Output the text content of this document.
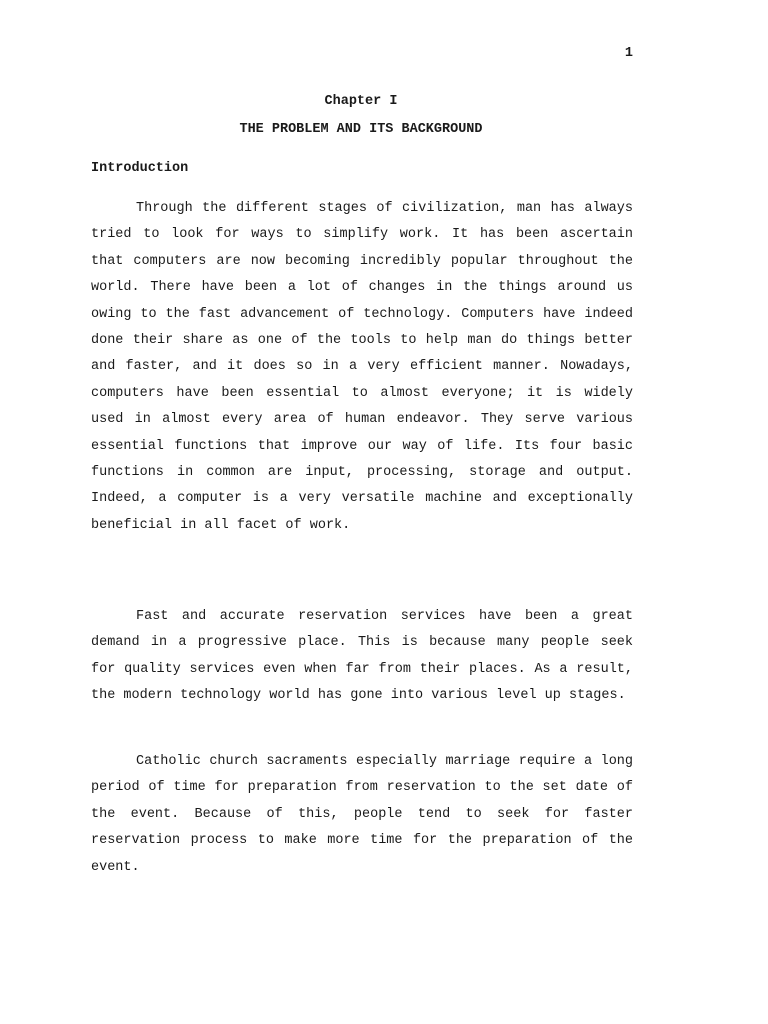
1
Chapter I
THE PROBLEM AND ITS BACKGROUND
Introduction

Through the different stages of civilization, man has always tried to look for ways to simplify work. It has been ascertain that computers are now becoming incredibly popular throughout the world. There have been a lot of changes in the things around us owing to the fast advancement of technology. Computers have indeed done their share as one of the tools to help man do things better and faster, and it does so in a very efficient manner. Nowadays, computers have been essential to almost everyone; it is widely used in almost every area of human endeavor. They serve various essential functions that improve our way of life. Its four basic functions in common are input, processing, storage and output. Indeed, a computer is a very versatile machine and exceptionally beneficial in all facet of work.

Fast and accurate reservation services have been a great demand in a progressive place. This is because many people seek for quality services even when far from their places. As a result, the modern technology world has gone into various level up stages.

Catholic church sacraments especially marriage require a long period of time for preparation from reservation to the set date of the event. Because of this, people tend to seek for faster reservation process to make more time for the preparation of the event.
